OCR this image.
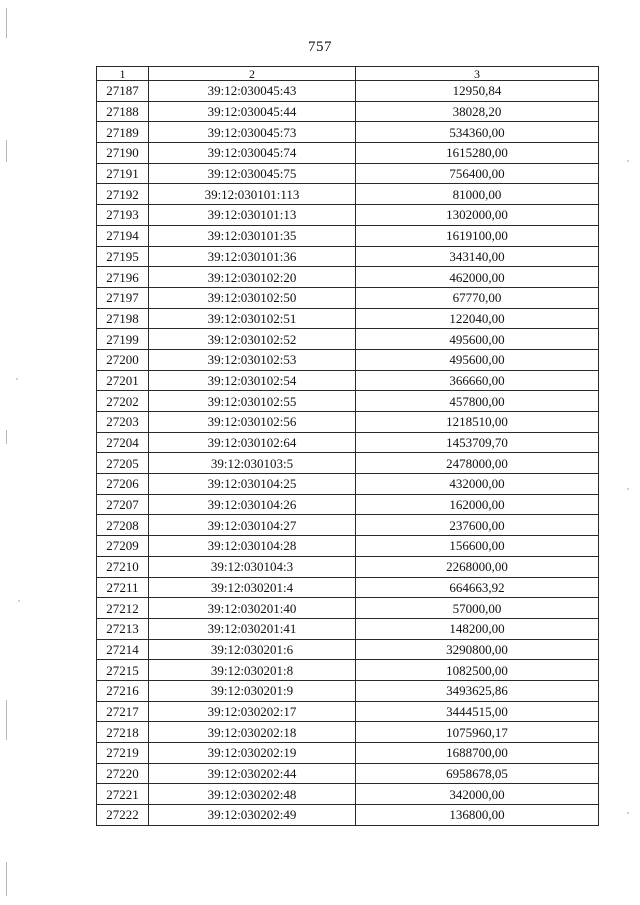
757
1	2	3
27187	39:12:030045:43	12950,84
27188	39:12:030045:44	38028,20
27189	39:12:030045:73	534360,00
27190	39:12:030045:74	1615280,00
27191	39:12:030045:75	756400,00
27192	39:12:030101:113	81000,00
27193	39:12:030101:13	1302000,00
27194	39:12:030101:35	1619100,00
27195	39:12:030101:36	343140,00
27196	39:12:030102:20	462000,00
27197	39:12:030102:50	67770,00
27198	39:12:030102:51	122040,00
27199	39:12:030102:52	495600,00
27200	39:12:030102:53	495600,00
27201	39:12:030102:54	366660,00
27202	39:12:030102:55	457800,00
27203	39:12:030102:56	1218510,00
27204	39:12:030102:64	1453709,70
27205	39:12:030103:5	2478000,00
27206	39:12:030104:25	432000,00
27207	39:12:030104:26	162000,00
27208	39:12:030104:27	237600,00
27209	39:12:030104:28	156600,00
27210	39:12:030104:3	2268000,00
27211	39:12:030201:4	664663,92
27212	39:12:030201:40	57000,00
27213	39:12:030201:41	148200,00
27214	39:12:030201:6	3290800,00
27215	39:12:030201:8	1082500,00
27216	39:12:030201:9	3493625,86
27217	39:12:030202:17	3444515,00
27218	39:12:030202:18	1075960,17
27219	39:12:030202:19	1688700,00
27220	39:12:030202:44	6958678,05
27221	39:12:030202:48	342000,00
27222	39:12:030202:49	136800,00
